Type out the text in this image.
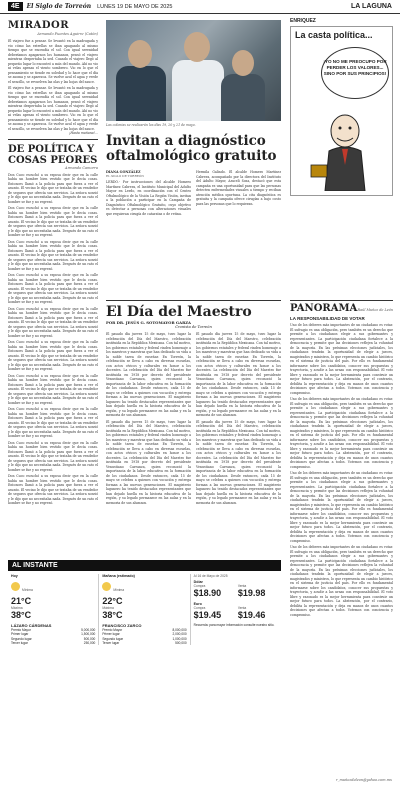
4E	El Siglo de Torreón LUNES 19 DE MAYO DE 2025	LA LAGUNA
MIRADOR
Armando Fuentes Aguirre (Catón)

El viajero fue a pensar. Se levantó en la madrugada y vio cómo las estrellas se iban apagando al mismo tiempo que se encendía el sol. Con igual serenidad deberíamos apagarnos los humanos, pensó el viajero mientras despertaba la sed. Cuando el viajero llegó al pequeño lugar lo encontró a más del mundo. Ahí no vio ni velas apenas el viento sombrero. Vio en lo que el pensamiento se tiende en soledad y lo hace que el día se asoma y se aparezca. Se vuelve azul el agua y verde el sencillo, se revuelven las olas y las hojas del sauce.

El viajero fue a pensar. Se levantó en la madrugada y vio cómo las estrellas se iban apagando al mismo tiempo que se encendía el sol. Con igual serenidad deberíamos apagarnos los humanos, pensó el viajero mientras despertaba la sed. Cuando el viajero llegó al pequeño lugar lo encontró a más del mundo. Ahí no vio ni velas apenas el viento sombrero. Vio en lo que el pensamiento se tiende en soledad y lo hace que el día se asoma y se aparezca. Se vuelve azul el agua y verde el sencillo, se revuelven las olas y las hojas del sauce.

¡Hasta mañana!...

DE POLÍTICA Y COSAS PEORES
Armando Camorra

Don Cuco escuchó a su esposa decir que en la calle había un hombre bien vestido que le decía cosas. Entonces llamó a la policía para que fuera a ver el asunto. El vecino le dijo que se trataba de un vendedor de seguros que ofrecía sus servicios. La señora sonrió y le dijo que no necesitaba nada. Después de un rato el hombre se fue y no regresó.

Don Cuco escuchó a su esposa decir que en la calle había un hombre bien vestido que le decía cosas. Entonces llamó a la policía para que fuera a ver el asunto. El vecino le dijo que se trataba de un vendedor de seguros que ofrecía sus servicios. La señora sonrió y le dijo que no necesitaba nada. Después de un rato el hombre se fue y no regresó.

Don Cuco escuchó a su esposa decir que en la calle había un hombre bien vestido que le decía cosas. Entonces llamó a la policía para que fuera a ver el asunto. El vecino le dijo que se trataba de un vendedor de seguros que ofrecía sus servicios. La señora sonrió y le dijo que no necesitaba nada. Después de un rato el hombre se fue y no regresó.

Don Cuco escuchó a su esposa decir que en la calle había un hombre bien vestido que le decía cosas. Entonces llamó a la policía para que fuera a ver el asunto. El vecino le dijo que se trataba de un vendedor de seguros que ofrecía sus servicios. La señora sonrió y le dijo que no necesitaba nada. Después de un rato el hombre se fue y no regresó.

Don Cuco escuchó a su esposa decir que en la calle había un hombre bien vestido que le decía cosas. Entonces llamó a la policía para que fuera a ver el asunto. El vecino le dijo que se trataba de un vendedor de seguros que ofrecía sus servicios. La señora sonrió y le dijo que no necesitaba nada. Después de un rato el hombre se fue y no regresó.

Don Cuco escuchó a su esposa decir que en la calle había un hombre bien vestido que le decía cosas. Entonces llamó a la policía para que fuera a ver el asunto. El vecino le dijo que se trataba de un vendedor de seguros que ofrecía sus servicios. La señora sonrió y le dijo que no necesitaba nada. Después de un rato el hombre se fue y no regresó.

Don Cuco escuchó a su esposa decir que en la calle había un hombre bien vestido que le decía cosas. Entonces llamó a la policía para que fuera a ver el asunto. El vecino le dijo que se trataba de un vendedor de seguros que ofrecía sus servicios. La señora sonrió y le dijo que no necesitaba nada. Después de un rato el hombre se fue y no regresó.

Don Cuco escuchó a su esposa decir que en la calle había un hombre bien vestido que le decía cosas. Entonces llamó a la policía para que fuera a ver el asunto. El vecino le dijo que se trataba de un vendedor de seguros que ofrecía sus servicios. La señora sonrió y le dijo que no necesitaba nada. Después de un rato el hombre se fue y no regresó.

Don Cuco escuchó a su esposa decir que en la calle había un hombre bien vestido que le decía cosas. Entonces llamó a la policía para que fuera a ver el asunto. El vecino le dijo que se trataba de un vendedor de seguros que ofrecía sus servicios. La señora sonrió y le dijo que no necesitaba nada. Después de un rato el hombre se fue y no regresó.

Don Cuco escuchó a su esposa decir que en la calle había un hombre bien vestido que le decía cosas. Entonces llamó a la policía para que fuera a ver el asunto. El vecino le dijo que se trataba de un vendedor de seguros que ofrecía sus servicios. La señora sonrió y le dijo que no necesitaba nada. Después de un rato el hombre se fue y no regresó.

Las colonias se realizarán los días 19, 20 y 21 de mayo.
Invitan a diagnóstico oftalmológico gratuito
DIANA GONZÁLEZ
EL SIGLO DE TORREÓN

LERDO.- Por instrucciones del alcalde Homero Martínez Cabrera, el Instituto Municipal del Adulto Mayor en Lerdo, en coordinación con el Centro Oftalmológico de la Visión La Región Visión, invitan a la población a participar en la Campaña de Diagnóstico Oftalmológico Gratuito, cuyo objetivo es detectar a personas con alteraciones visuales que requieran cirugía de cataratas o de retina.

Hermila Galindo. El alcalde Homero Martínez Cabrera, acompañado por la directora del Instituto del Adulto Mayor, Araceli Sosa, destacó que esta campaña es una oportunidad para que las personas detecten enfermedades visuales a tiempo y reciban atención médica oportuna. La cita diagnóstica es gratuita y la campaña ofrece cirugías a bajo costo para las personas que lo requieran.

ENRIQUEZ
La casta política...
¡YO NO ME PREOCUPO POR PERDER LOS VALORES... SINO POR SUS PRINCIPIOS!
El Día del Maestro
POR DR. JESÚS G. SOTOMAYOR GARZA
Cronista de Torreón

El pasado día jueves 15 de mayo, tuvo lugar la celebración del Día del Maestro, celebración instituida en la República Mexicana. Con tal motivo, los gobiernos estatales y federal rinden homenaje a los maestros y maestras que han dedicado su vida a la noble tarea de enseñar. En Torreón, la celebración se lleva a cabo en diversas escuelas, con actos cívicos y culturales en honor a los docentes. La celebración del Día del Maestro fue instituida en 1918 por decreto del presidente Venustiano Carranza, quien reconoció la importancia de la labor educativa en la formación de los ciudadanos. Desde entonces, cada 15 de mayo se celebra a quienes con vocación y entrega forman a las nuevas generaciones. El magisterio lagunero ha tenido destacados representantes que han dejado huella en la historia educativa de la región, y su legado permanece en las aulas y en la memoria de sus alumnos.

El pasado día jueves 15 de mayo, tuvo lugar la celebración del Día del Maestro, celebración instituida en la República Mexicana. Con tal motivo, los gobiernos estatales y federal rinden homenaje a los maestros y maestras que han dedicado su vida a la noble tarea de enseñar. En Torreón, la celebración se lleva a cabo en diversas escuelas, con actos cívicos y culturales en honor a los docentes. La celebración del Día del Maestro fue instituida en 1918 por decreto del presidente Venustiano Carranza, quien reconoció la importancia de la labor educativa en la formación de los ciudadanos. Desde entonces, cada 15 de mayo se celebra a quienes con vocación y entrega forman a las nuevas generaciones. El magisterio lagunero ha tenido destacados representantes que han dejado huella en la historia educativa de la región, y su legado permanece en las aulas y en la memoria de sus alumnos.

El pasado día jueves 15 de mayo, tuvo lugar la celebración del Día del Maestro, celebración instituida en la República Mexicana. Con tal motivo, los gobiernos estatales y federal rinden homenaje a los maestros y maestras que han dedicado su vida a la noble tarea de enseñar. En Torreón, la celebración se lleva a cabo en diversas escuelas, con actos cívicos y culturales en honor a los docentes. La celebración del Día del Maestro fue instituida en 1918 por decreto del presidente Venustiano Carranza, quien reconoció la importancia de la labor educativa en la formación de los ciudadanos. Desde entonces, cada 15 de mayo se celebra a quienes con vocación y entrega forman a las nuevas generaciones. El magisterio lagunero ha tenido destacados representantes que han dejado huella en la historia educativa de la región, y su legado permanece en las aulas y en la memoria de sus alumnos.

El pasado día jueves 15 de mayo, tuvo lugar la celebración del Día del Maestro, celebración instituida en la República Mexicana. Con tal motivo, los gobiernos estatales y federal rinden homenaje a los maestros y maestras que han dedicado su vida a la noble tarea de enseñar. En Torreón, la celebración se lleva a cabo en diversas escuelas, con actos cívicos y culturales en honor a los docentes. La celebración del Día del Maestro fue instituida en 1918 por decreto del presidente Venustiano Carranza, quien reconoció la importancia de la labor educativa en la formación de los ciudadanos. Desde entonces, cada 15 de mayo se celebra a quienes con vocación y entrega forman a las nuevas generaciones. El magisterio lagunero ha tenido destacados representantes que han dejado huella en la historia educativa de la región, y su legado permanece en las aulas y en la memoria de sus alumnos.

PANORAMA Raúl Muñoz de León
LA RESPONSABILIDAD DE VOTAR

Uno de los deberes más importantes de un ciudadano es votar. El sufragio es una obligación, pero también es un derecho que permite a los ciudadanos elegir a sus gobernantes y representantes. La participación ciudadana fortalece a la democracia y permite que las decisiones reflejen la voluntad de la mayoría. En las próximas elecciones judiciales, los ciudadanos tendrán la oportunidad de elegir a jueces, magistrados y ministros, lo que representa un cambio histórico en el sistema de justicia del país. Por ello es fundamental informarse sobre los candidatos, conocer sus propuestas y trayectoria, y acudir a las urnas con responsabilidad. El voto libre y razonado es la mejor herramienta para construir un mejor futuro para todos. La abstención, por el contrario, debilita la representación y deja en manos de unos cuantos decisiones que afectan a todos. Votemos con conciencia y compromiso.

Uno de los deberes más importantes de un ciudadano es votar. El sufragio es una obligación, pero también es un derecho que permite a los ciudadanos elegir a sus gobernantes y representantes. La participación ciudadana fortalece a la democracia y permite que las decisiones reflejen la voluntad de la mayoría. En las próximas elecciones judiciales, los ciudadanos tendrán la oportunidad de elegir a jueces, magistrados y ministros, lo que representa un cambio histórico en el sistema de justicia del país. Por ello es fundamental informarse sobre los candidatos, conocer sus propuestas y trayectoria, y acudir a las urnas con responsabilidad. El voto libre y razonado es la mejor herramienta para construir un mejor futuro para todos. La abstención, por el contrario, debilita la representación y deja en manos de unos cuantos decisiones que afectan a todos. Votemos con conciencia y compromiso.

Uno de los deberes más importantes de un ciudadano es votar. El sufragio es una obligación, pero también es un derecho que permite a los ciudadanos elegir a sus gobernantes y representantes. La participación ciudadana fortalece a la democracia y permite que las decisiones reflejen la voluntad de la mayoría. En las próximas elecciones judiciales, los ciudadanos tendrán la oportunidad de elegir a jueces, magistrados y ministros, lo que representa un cambio histórico en el sistema de justicia del país. Por ello es fundamental informarse sobre los candidatos, conocer sus propuestas y trayectoria, y acudir a las urnas con responsabilidad. El voto libre y razonado es la mejor herramienta para construir un mejor futuro para todos. La abstención, por el contrario, debilita la representación y deja en manos de unos cuantos decisiones que afectan a todos. Votemos con conciencia y compromiso.

Uno de los deberes más importantes de un ciudadano es votar. El sufragio es una obligación, pero también es un derecho que permite a los ciudadanos elegir a sus gobernantes y representantes. La participación ciudadana fortalece a la democracia y permite que las decisiones reflejen la voluntad de la mayoría. En las próximas elecciones judiciales, los ciudadanos tendrán la oportunidad de elegir a jueces, magistrados y ministros, lo que representa un cambio histórico en el sistema de justicia del país. Por ello es fundamental informarse sobre los candidatos, conocer sus propuestas y trayectoria, y acudir a las urnas con responsabilidad. El voto libre y razonado es la mejor herramienta para construir un mejor futuro para todos. La abstención, por el contrario, debilita la representación y deja en manos de unos cuantos decisiones que afectan a todos. Votemos con conciencia y compromiso.

AL INSTANTE
Hoy
Mínima
21°C
Máxima
38°C
LÁZARO CÁRDENAS
Premio Mayor	5,000,000
Primer lugar	1,500,000
Segundo lugar	500,000
Tercer lugar	250,000
Mañana (estimado)
Mínima
22°C
Máxima
38°C
FRANCISCO ZARCO
Premio Mayor	8,000,000
Primer lugar	2,000,000
Segundo lugar	1,000,000
Tercer lugar	500,000
Al 16 de Mayo de 2025
Dólar
Compra
$18.90
Venta
$19.98
Euro
Compra
$19.45
Venta
$19.46
Recuerda: para mayor información consulte nuestro sitio.
r_muñozdeleon@yahoo.com.mx
